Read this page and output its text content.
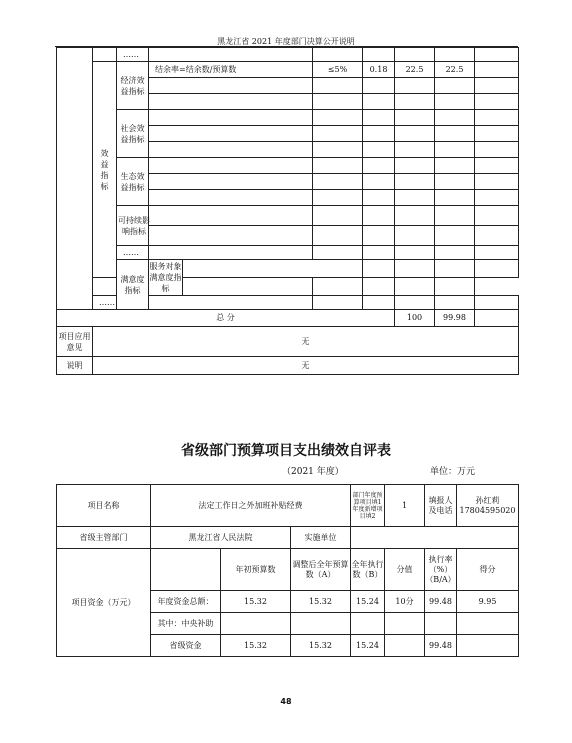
黑龙江省 2021 年度部门决算公开说明
		……								
	效益指标	经济效益指标	结余率=结余数/预算数		≤5%	0.18	22.5	22.5		

		社会效益指标								

		生态效益指标								

		可持续影响指标								

		……								
		满意度指标	服务对象满意度指标							

	……									
总 分							100	99.98		
项目应用意见	无									
说明	无									
省级部门预算项目支出绩效自评表
（2021 年度）	单位：万元
项目名称	法定工作日之外加班补贴经费			部门年度预算项目填1 年度新增项目填2	1	填报人及电话	孙红莉 17804595020
省级主管部门	黑龙江省人民法院		实施单位				
项目资金（万元）		年初预算数	调整后全年预算数（A）	全年执行数（B）	分值	执行率（%）（B/A）	得分
	年度资金总额：	15.32	15.32	15.24	10分	99.48	9.95
	其中：中央补助				

	省级资金	15.32	15.32	15.24		99.48	
48
